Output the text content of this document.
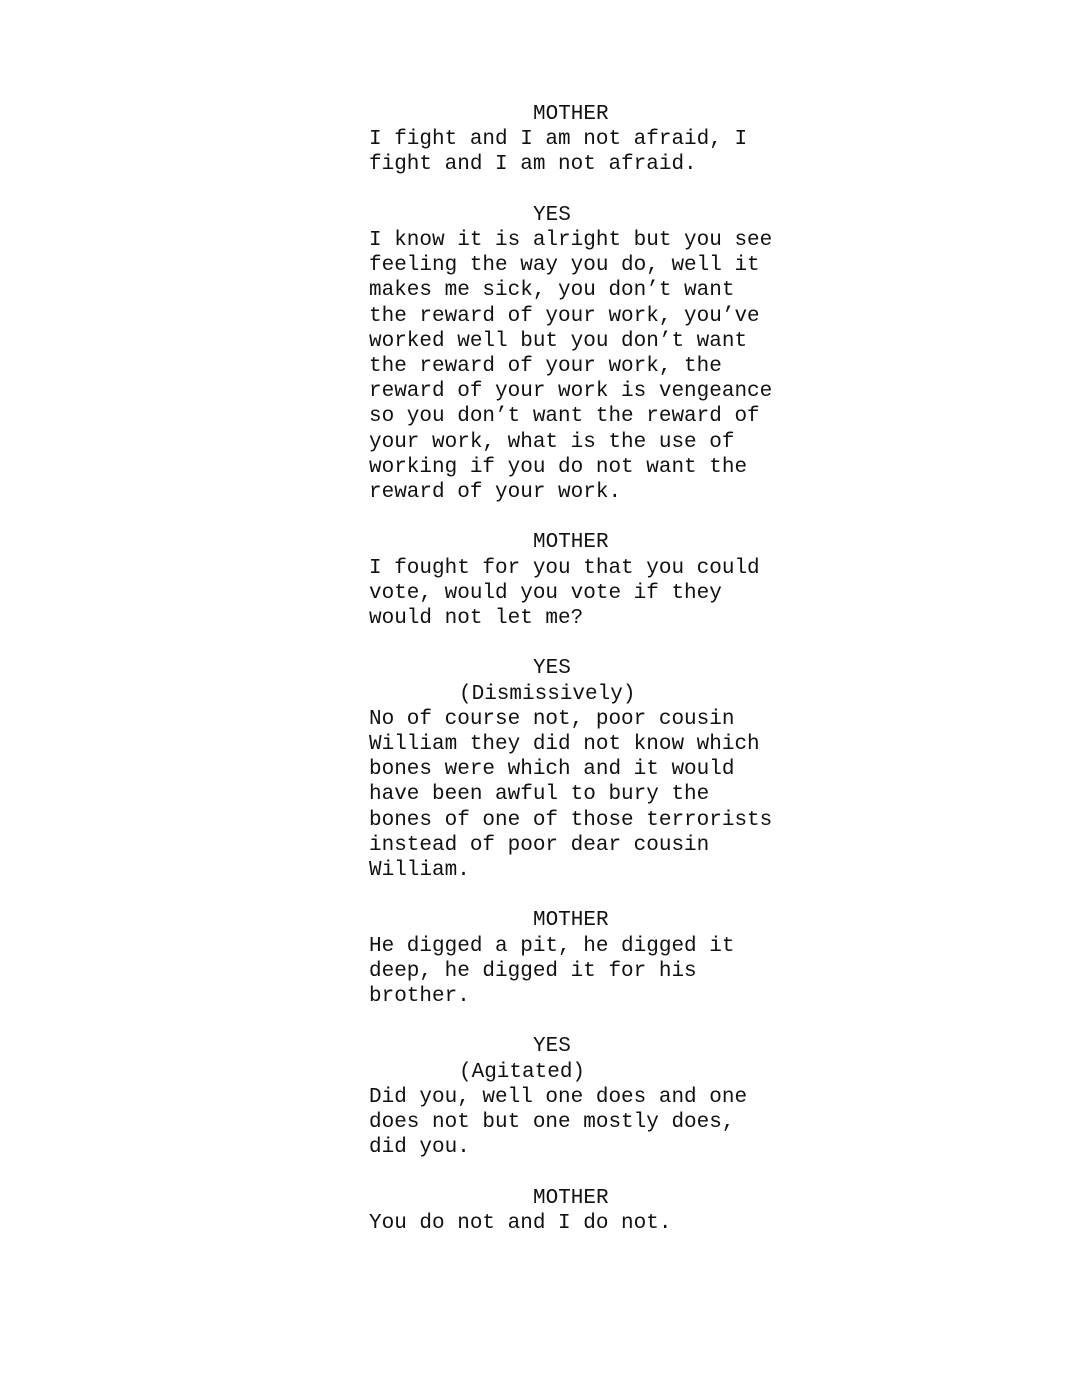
MOTHER
I fight and I am not afraid, I
fight and I am not afraid.
YES
I know it is alright but you see
feeling the way you do, well it
makes me sick, you don’t want
the reward of your work, you’ve
worked well but you don’t want
the reward of your work, the
reward of your work is vengeance
so you don’t want the reward of
your work, what is the use of
working if you do not want the
reward of your work.
MOTHER
I fought for you that you could
vote, would you vote if they
would not let me?
YES
(Dismissively)
No of course not, poor cousin
William they did not know which
bones were which and it would
have been awful to bury the
bones of one of those terrorists
instead of poor dear cousin
William.
MOTHER
He digged a pit, he digged it
deep, he digged it for his
brother.
YES
(Agitated)
Did you, well one does and one
does not but one mostly does,
did you.
MOTHER
You do not and I do not.
